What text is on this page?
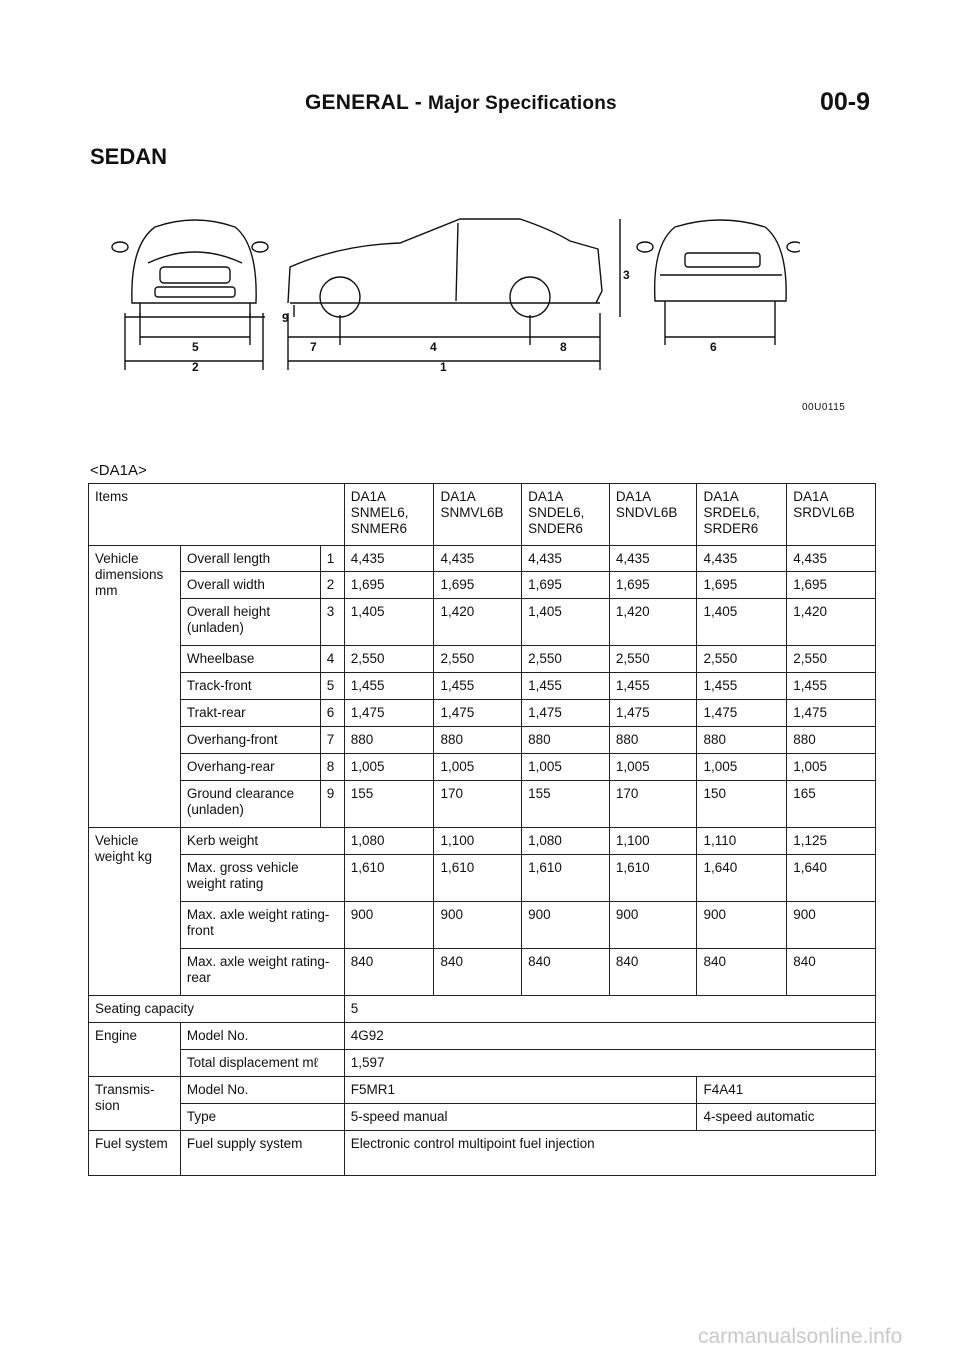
GENERAL - Major Specifications	00-9
SEDAN
5
2
7	4	8
1
9
3
6
00U0115
<DA1A>
Items			DA1A SNMEL6, SNMER6	DA1A SNMVL6B	DA1A SNDEL6, SNDER6	DA1A SNDVL6B	DA1A SRDEL6, SRDER6	DA1A SRDVL6B
Vehicle dimensions mm	Overall length	1	4,435	4,435	4,435	4,435	4,435	4,435
	Overall width	2	1,695	1,695	1,695	1,695	1,695	1,695
	Overall height (unladen)	3	1,405	1,420	1,405	1,420	1,405	1,420
	Wheelbase	4	2,550	2,550	2,550	2,550	2,550	2,550
	Track-front	5	1,455	1,455	1,455	1,455	1,455	1,455
	Trakt-rear	6	1,475	1,475	1,475	1,475	1,475	1,475
	Overhang-front	7	880	880	880	880	880	880
	Overhang-rear	8	1,005	1,005	1,005	1,005	1,005	1,005
	Ground clearance (unladen)	9	155	170	155	170	150	165
Vehicle weight kg	Kerb weight		1,080	1,100	1,080	1,100	1,110	1,125
	Max. gross vehicle weight rating		1,610	1,610	1,610	1,610	1,640	1,640
	Max. axle weight rating-front		900	900	900	900	900	900
	Max. axle weight rating-rear		840	840	840	840	840	840
Seating capacity			5					
Engine	Model No.		4G92					
	Total displacement mℓ		1,597					
Transmis- sion	Model No.		F5MR1				F4A41	
	Type		5-speed manual				4-speed automatic	
Fuel system	Fuel supply system		Electronic control multipoint fuel injection					
carmanualsonline.info
